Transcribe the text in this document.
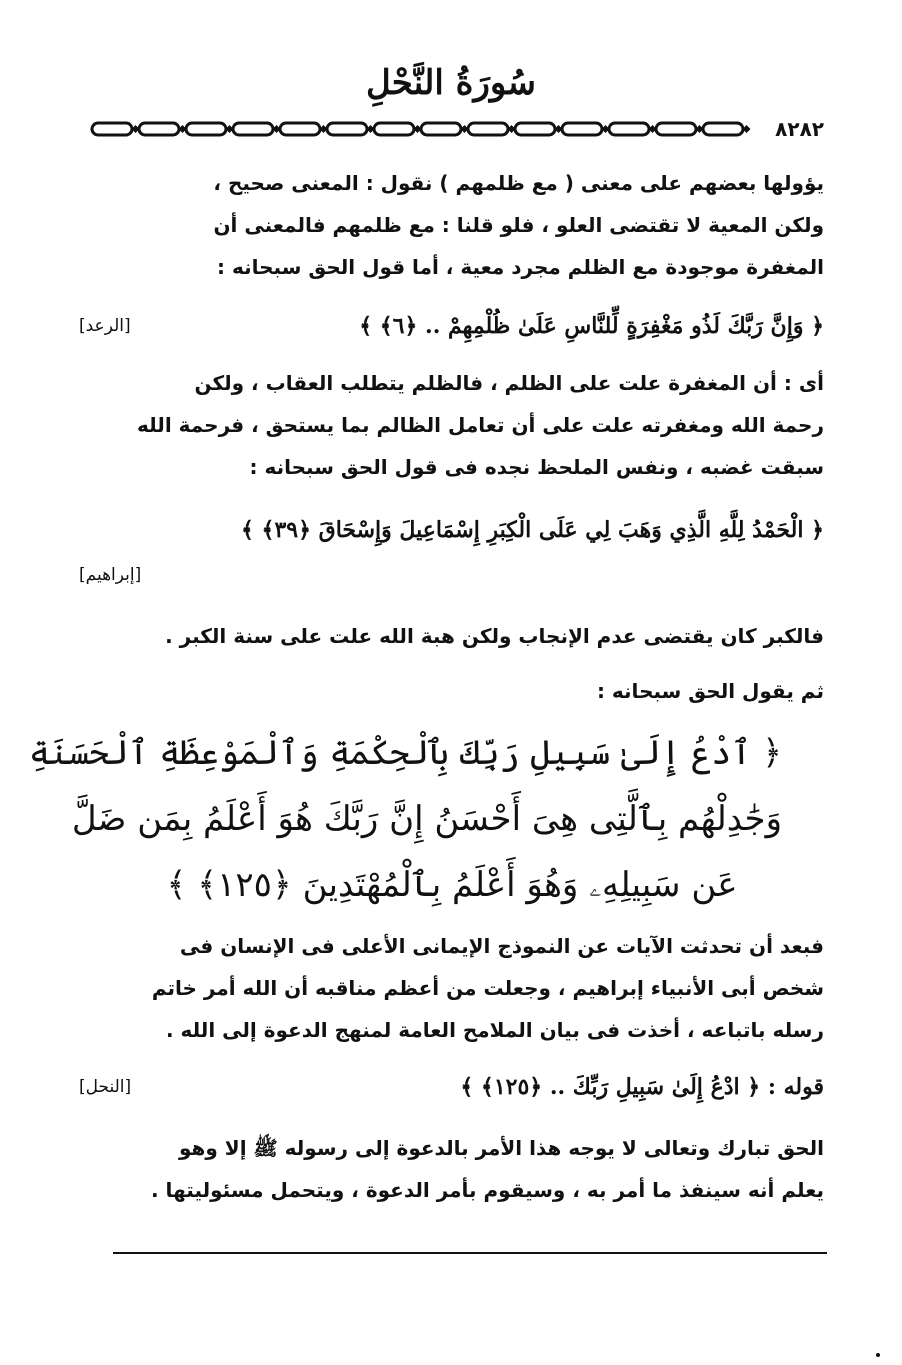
سُورَةُ النَّحْلِ
٨٢٨٢
يؤولها بعضهم على معنى ( مع ظلمهم ) نقول : المعنى صحيح ،
ولكن المعية لا تقتضى العلو ، فلو قلنا : مع ظلمهم فالمعنى أن
المغفرة موجودة مع الظلم مجرد معية ، أما قول الحق سبحانه :
﴿ وَإِنَّ رَبَّكَ لَذُو مَغْفِرَةٍ لِّلنَّاسِ عَلَىٰ ظُلْمِهِمْ .. ﴿٦﴾ ﴾
[الرعد]
أى : أن المغفرة علت على الظلم ، فالظلم يتطلب العقاب ، ولكن
رحمة الله ومغفرته علت على أن تعامل الظالم بما يستحق ، فرحمة الله
سبقت غضبه ، ونفس الملحظ نجده فى قول الحق سبحانه :
﴿ الْحَمْدُ لِلَّهِ الَّذِي وَهَبَ لِي عَلَى الْكِبَرِ إِسْمَاعِيلَ وَإِسْحَاقَ ﴿٣٩﴾ ﴾
[إبراهيم]
فالكبر كان يقتضى عدم الإنجاب ولكن هبة الله علت على سنة الكبر .
ثم يقول الحق سبحانه :
﴿ ٱدْعُ إِلَىٰ سَبِيلِ رَبِّكَ بِٱلْحِكْمَةِ وَٱلْمَوْعِظَةِ ٱلْحَسَنَةِ
وَجَٰدِلْهُم بِٱلَّتِى هِىَ أَحْسَنُ إِنَّ رَبَّكَ هُوَ أَعْلَمُ بِمَن ضَلَّ
عَن سَبِيلِهِۦ وَهُوَ أَعْلَمُ بِٱلْمُهْتَدِينَ ﴿١٢٥﴾ ﴾
فبعد أن تحدثت الآيات عن النموذج الإيمانى الأعلى فى الإنسان فى
شخص أبى الأنبياء إبراهيم ، وجعلت من أعظم مناقبه أن الله أمر خاتم
رسله باتباعه ، أخذت فى بيان الملامح العامة لمنهج الدعوة إلى الله .
قوله : ﴿ ادْعُ إِلَىٰ سَبِيلِ رَبِّكَ .. ﴿١٢٥﴾ ﴾
[النحل]
الحق تبارك وتعالى لا يوجه هذا الأمر بالدعوة إلى رسوله ﷺ إلا وهو
يعلم أنه سينفذ ما أمر به ، وسيقوم بأمر الدعوة ، ويتحمل مسئوليتها .
